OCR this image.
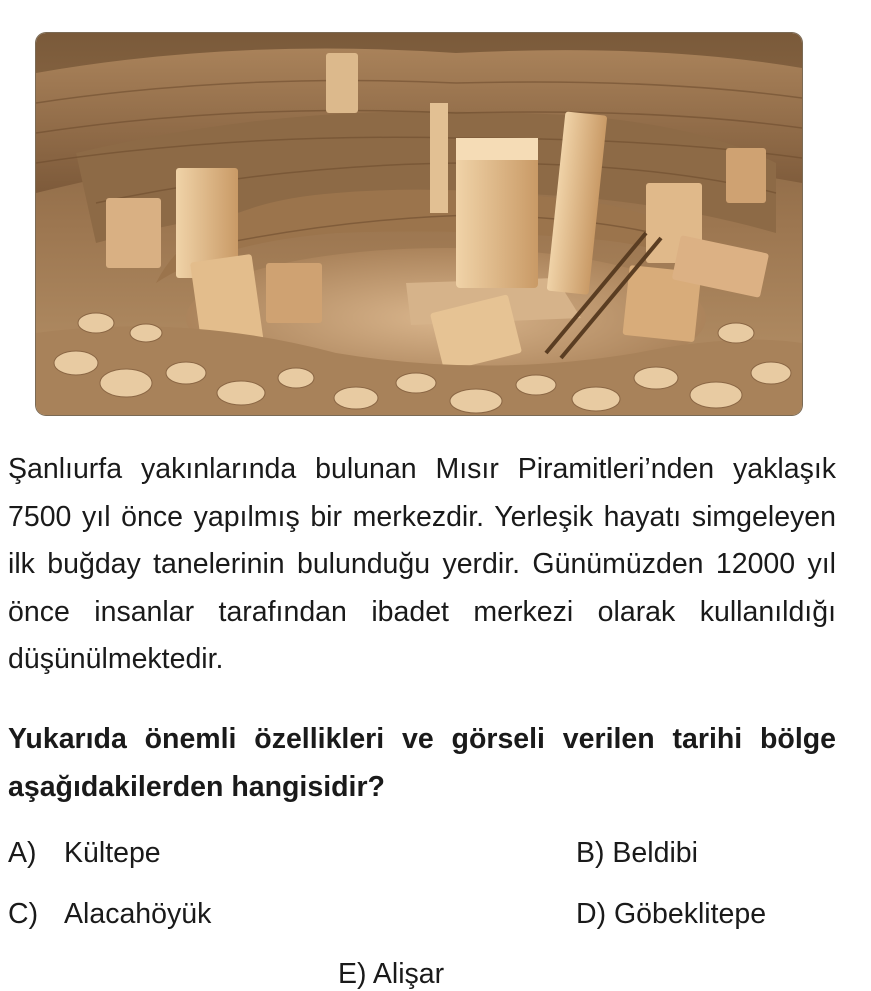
Şanlıurfa yakınlarında bulunan Mısır Piramitleri’nden yaklaşık 7500 yıl önce yapılmış bir merkezdir. Yerleşik hayatı simgeleyen ilk buğday tanelerinin bulunduğu yerdir. Günümüzden 12000 yıl önce insanlar tarafından ibadet merkezi olarak kullanıldığı düşünülmektedir.

Yukarıda önemli özellikleri ve görseli verilen tarihi bölge aşağıdakilerden hangisidir?

A) Kültepe	B) Beldibi
C) Alacahöyük	D) Göbeklitepe
E) Alişar
